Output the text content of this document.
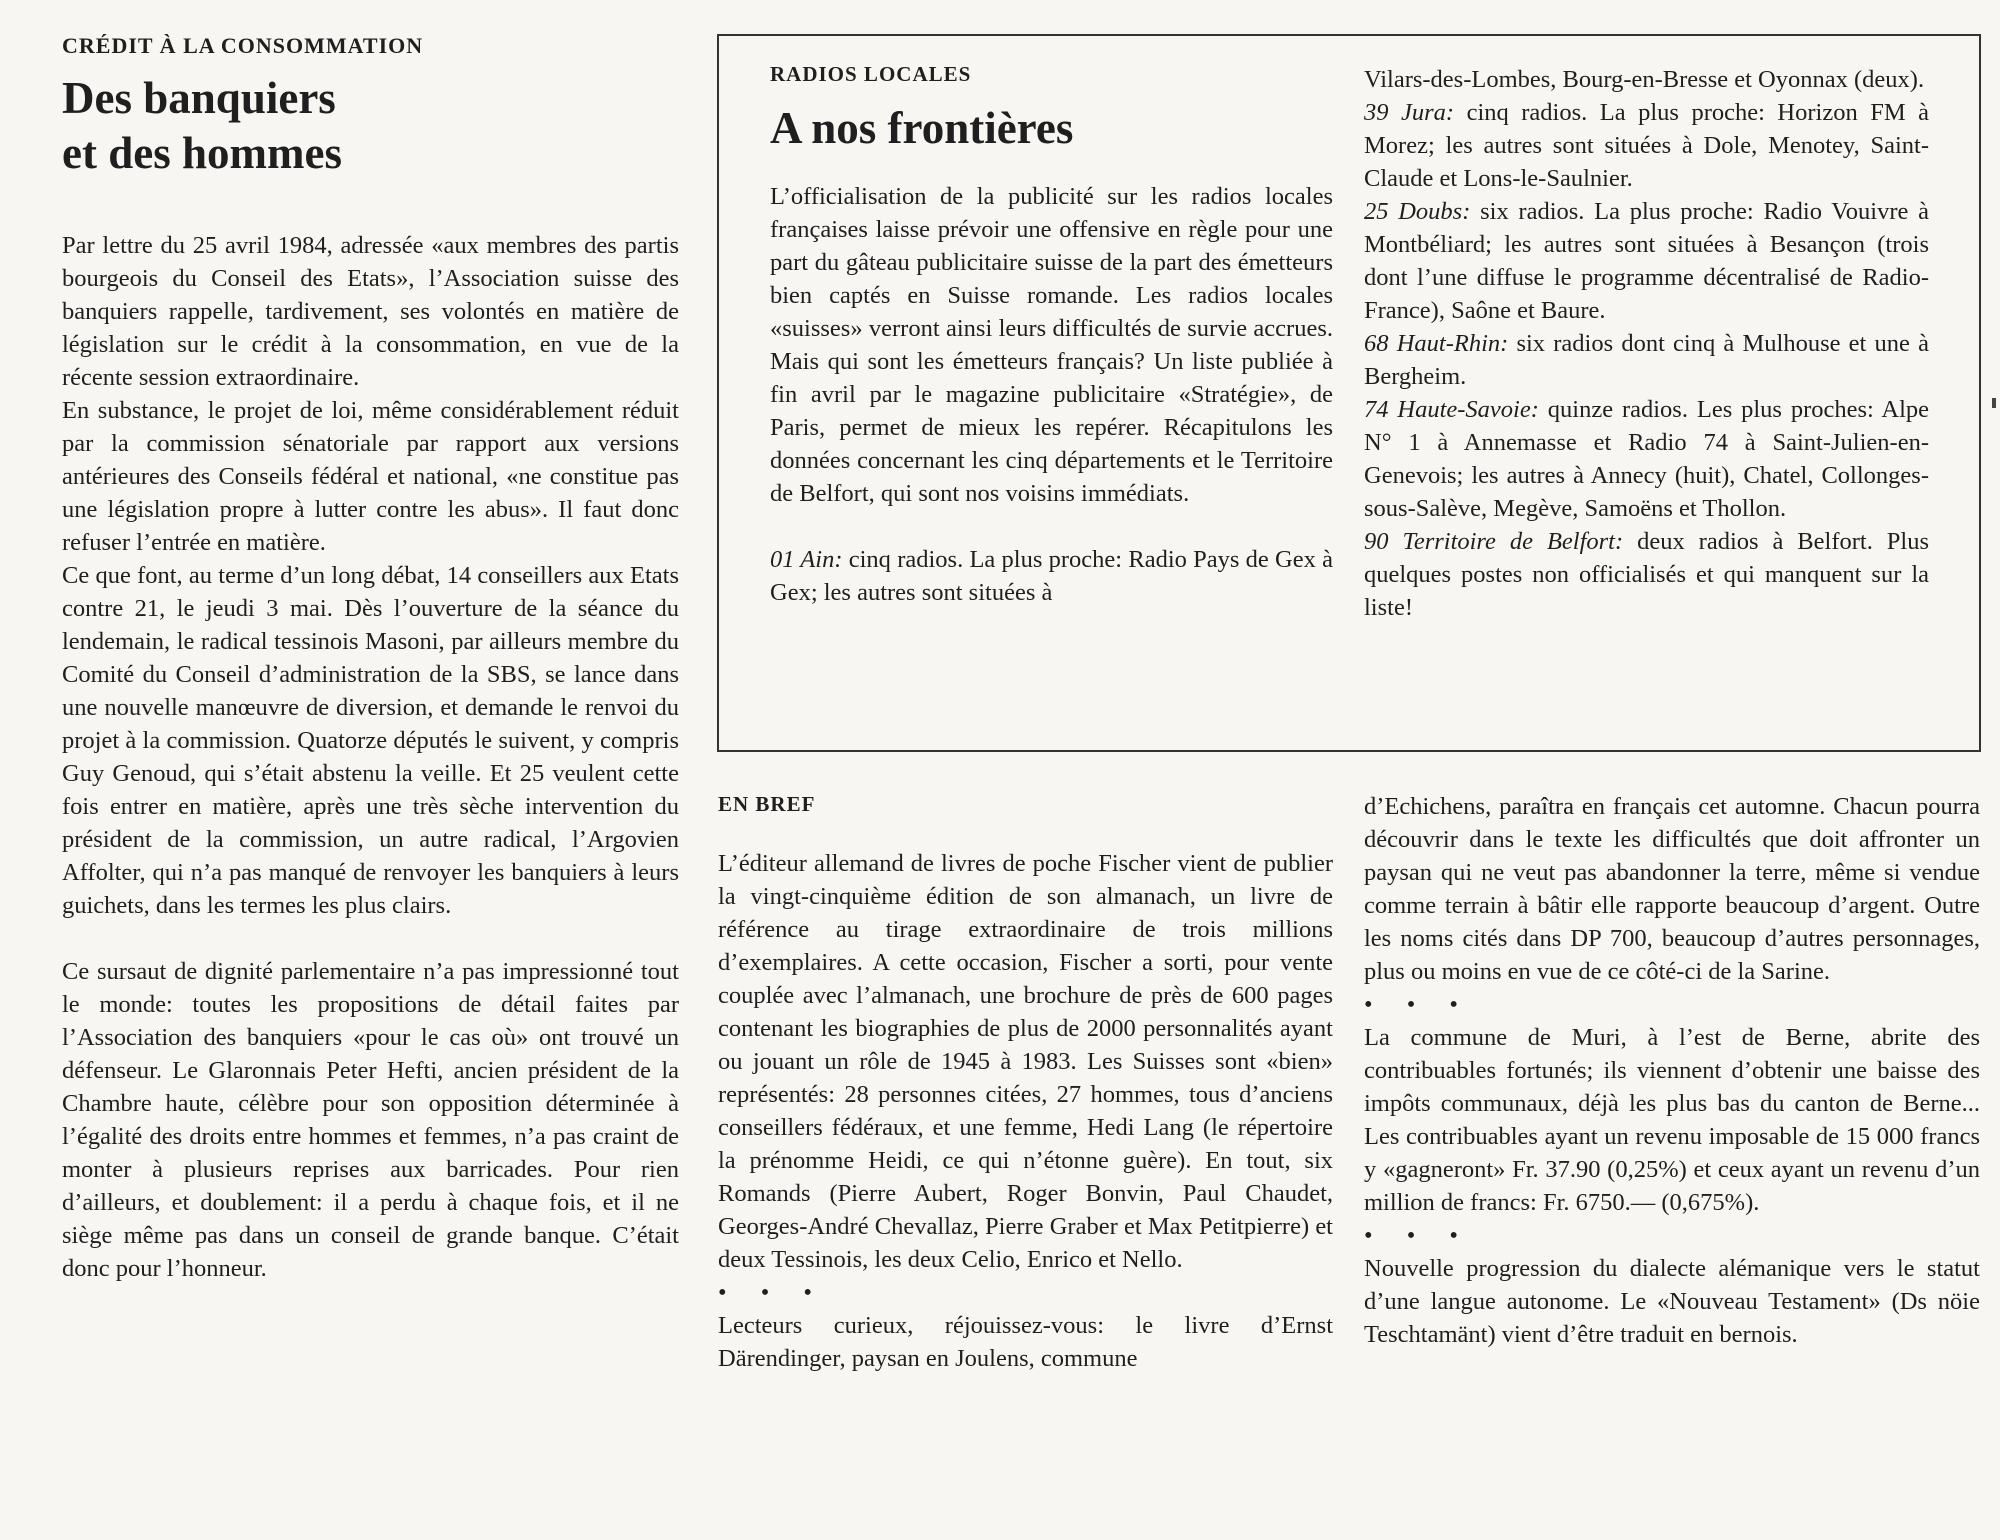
CRÉDIT À LA CONSOMMATION

Des banquiers
et des hommes

Par lettre du 25 avril 1984, adressée «aux membres des partis bourgeois du Conseil des Etats», l’Association suisse des banquiers rappelle, tardivement, ses volontés en matière de législation sur le crédit à la consommation, en vue de la récente session extraordinaire.

En substance, le projet de loi, même considérablement réduit par la commission sénatoriale par rapport aux versions antérieures des Conseils fédéral et national, «ne constitue pas une législation propre à lutter contre les abus». Il faut donc refuser l’entrée en matière.

Ce que font, au terme d’un long débat, 14 conseillers aux Etats contre 21, le jeudi 3 mai. Dès l’ouverture de la séance du lendemain, le radical tessinois Masoni, par ailleurs membre du Comité du Conseil d’administration de la SBS, se lance dans une nouvelle manœuvre de diversion, et demande le renvoi du projet à la commission. Quatorze députés le suivent, y compris Guy Genoud, qui s’était abstenu la veille. Et 25 veulent cette fois entrer en matière, après une très sèche intervention du président de la commission, un autre radical, l’Argovien Affolter, qui n’a pas manqué de renvoyer les banquiers à leurs guichets, dans les termes les plus clairs.

Ce sursaut de dignité parlementaire n’a pas impressionné tout le monde: toutes les propositions de détail faites par l’Association des banquiers «pour le cas où» ont trouvé un défenseur. Le Glaronnais Peter Hefti, ancien président de la Chambre haute, célèbre pour son opposition déterminée à l’égalité des droits entre hommes et femmes, n’a pas craint de monter à plusieurs reprises aux barricades. Pour rien d’ailleurs, et doublement: il a perdu à chaque fois, et il ne siège même pas dans un conseil de grande banque. C’était donc pour l’honneur.

RADIOS LOCALES

A nos frontières

L’officialisation de la publicité sur les radios locales françaises laisse prévoir une offensive en règle pour une part du gâteau publicitaire suisse de la part des émetteurs bien captés en Suisse romande. Les radios locales «suisses» verront ainsi leurs difficultés de survie accrues. Mais qui sont les émetteurs français? Un liste publiée à fin avril par le magazine publicitaire «Stratégie», de Paris, permet de mieux les repérer. Récapitulons les données concernant les cinq départements et le Territoire de Belfort, qui sont nos voisins immédiats.

01 Ain: cinq radios. La plus proche: Radio Pays de Gex à Gex; les autres sont situées à

Vilars-des-Lombes, Bourg-en-Bresse et Oyonnax (deux).

39 Jura: cinq radios. La plus proche: Horizon FM à Morez; les autres sont situées à Dole, Menotey, Saint-Claude et Lons-le-Saulnier.

25 Doubs: six radios. La plus proche: Radio Vouivre à Montbéliard; les autres sont situées à Besançon (trois dont l’une diffuse le programme décentralisé de Radio-France), Saône et Baure.

68 Haut-Rhin: six radios dont cinq à Mulhouse et une à Bergheim.

74 Haute-Savoie: quinze radios. Les plus proches: Alpe N° 1 à Annemasse et Radio 74 à Saint-Julien-en-Genevois; les autres à Annecy (huit), Chatel, Collonges-sous-Salève, Megève, Samoëns et Thollon.

90 Territoire de Belfort: deux radios à Belfort. Plus quelques postes non officialisés et qui manquent sur la liste!

EN BREF

L’éditeur allemand de livres de poche Fischer vient de publier la vingt-cinquième édition de son almanach, un livre de référence au tirage extraordinaire de trois millions d’exemplaires. A cette occasion, Fischer a sorti, pour vente couplée avec l’almanach, une brochure de près de 600 pages contenant les biographies de plus de 2000 personnalités ayant ou jouant un rôle de 1945 à 1983. Les Suisses sont «bien» représentés: 28 personnes citées, 27 hommes, tous d’anciens conseillers fédéraux, et une femme, Hedi Lang (le répertoire la prénomme Heidi, ce qui n’étonne guère). En tout, six Romands (Pierre Aubert, Roger Bonvin, Paul Chaudet, Georges-André Chevallaz, Pierre Graber et Max Petitpierre) et deux Tessinois, les deux Celio, Enrico et Nello.

• • •

Lecteurs curieux, réjouissez-vous: le livre d’Ernst Därendinger, paysan en Joulens, commune

d’Echichens, paraîtra en français cet automne. Chacun pourra découvrir dans le texte les difficultés que doit affronter un paysan qui ne veut pas abandonner la terre, même si vendue comme terrain à bâtir elle rapporte beaucoup d’argent. Outre les noms cités dans DP 700, beaucoup d’autres personnages, plus ou moins en vue de ce côté-ci de la Sarine.

• • •

La commune de Muri, à l’est de Berne, abrite des contribuables fortunés; ils viennent d’obtenir une baisse des impôts communaux, déjà les plus bas du canton de Berne... Les contribuables ayant un revenu imposable de 15 000 francs y «gagneront» Fr. 37.90 (0,25%) et ceux ayant un revenu d’un million de francs: Fr. 6750.— (0,675%).

• • •

Nouvelle progression du dialecte alémanique vers le statut d’une langue autonome. Le «Nouveau Testament» (Ds nöie Teschtamänt) vient d’être traduit en bernois.
